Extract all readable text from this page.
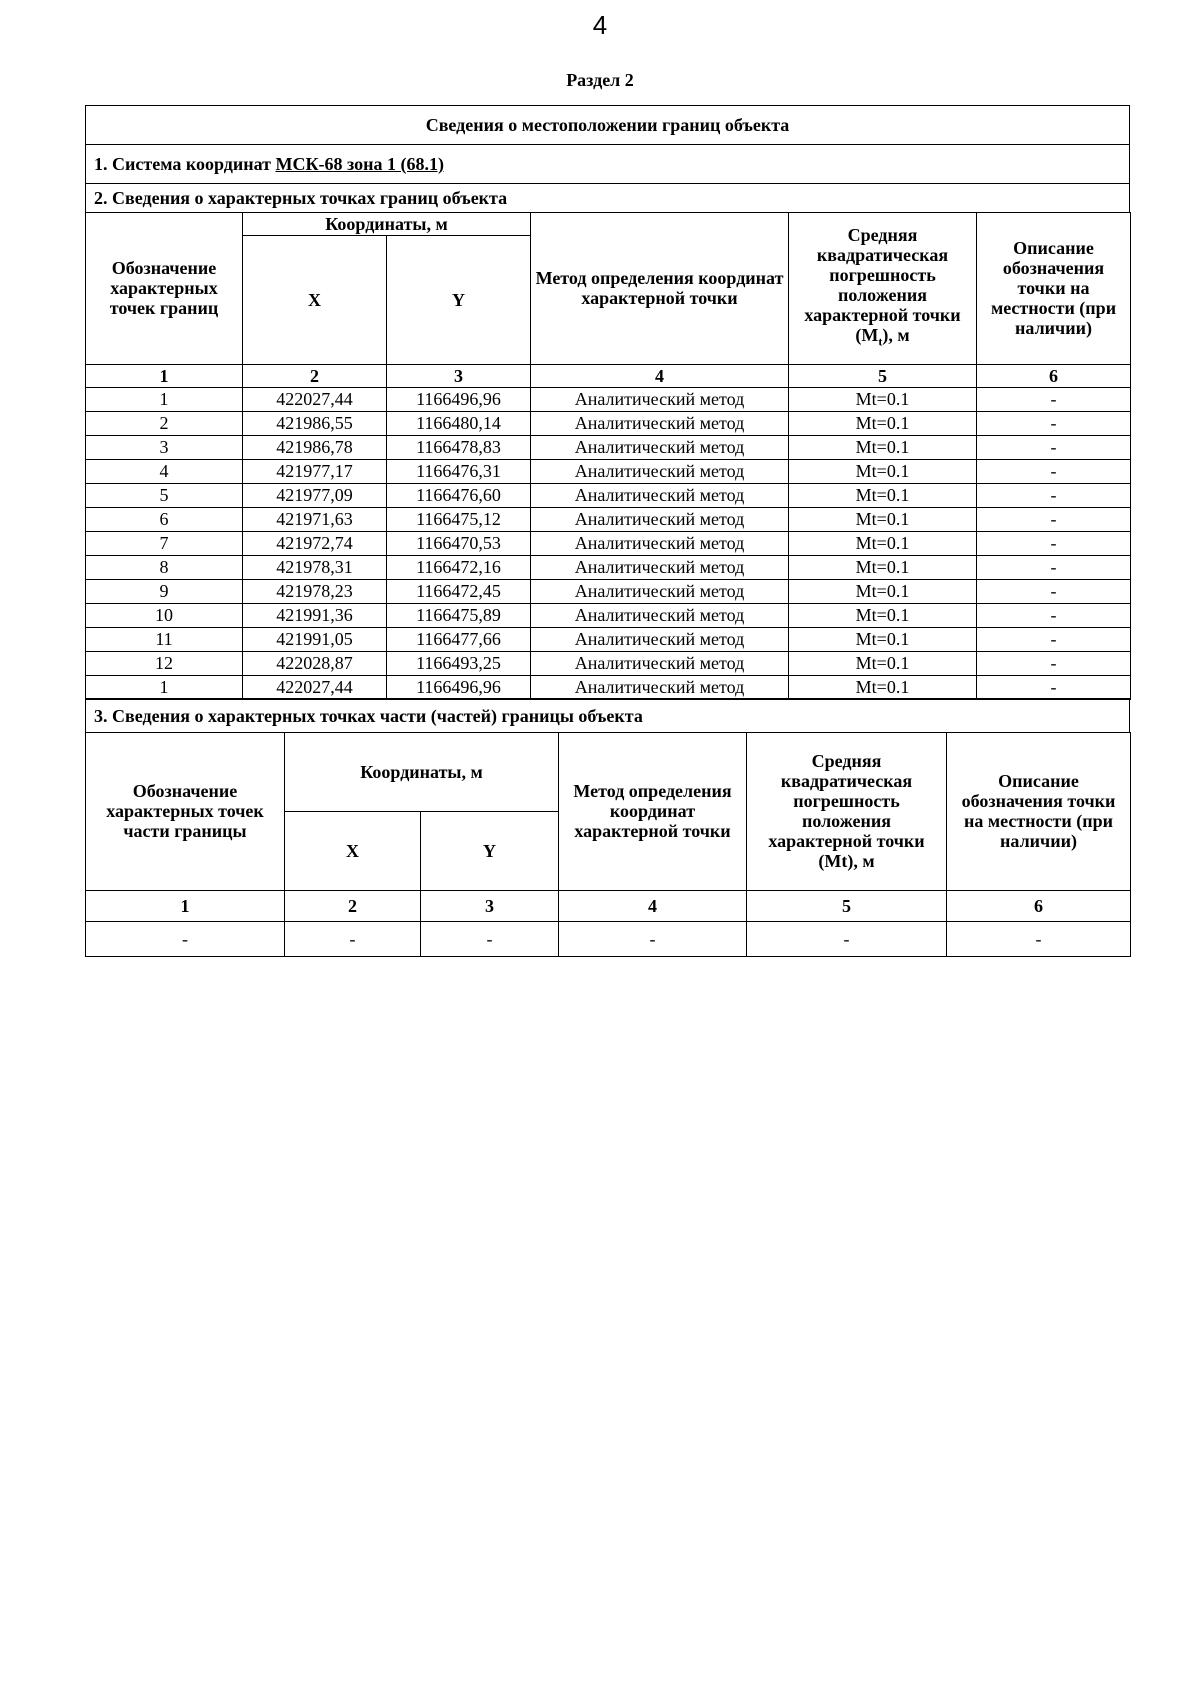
4
Раздел 2
Сведения о местоположении границ объекта
1. Система координат МСК-68 зона 1 (68.1)
2. Сведения о характерных точках границ объекта
Обозначение характерных точек границ	Координаты, м		Метод определения координат характерной точки	Средняя квадратическая погрешность положения характерной точки $(M_t)$, м	Описание обозначения точки на местности (при наличии)
	X	Y			
1	2	3	4	5	6
1	422027,44	1166496,96	Аналитический метод	Mt=0.1	-
2	421986,55	1166480,14	Аналитический метод	Mt=0.1	-
3	421986,78	1166478,83	Аналитический метод	Mt=0.1	-
4	421977,17	1166476,31	Аналитический метод	Mt=0.1	-
5	421977,09	1166476,60	Аналитический метод	Mt=0.1	-
6	421971,63	1166475,12	Аналитический метод	Mt=0.1	-
7	421972,74	1166470,53	Аналитический метод	Mt=0.1	-
8	421978,31	1166472,16	Аналитический метод	Mt=0.1	-
9	421978,23	1166472,45	Аналитический метод	Mt=0.1	-
10	421991,36	1166475,89	Аналитический метод	Mt=0.1	-
11	421991,05	1166477,66	Аналитический метод	Mt=0.1	-
12	422028,87	1166493,25	Аналитический метод	Mt=0.1	-
1	422027,44	1166496,96	Аналитический метод	Mt=0.1	-
3. Сведения о характерных точках части (частей) границы объекта
Обозначение характерных точек части границы	Координаты, м		Метод определения координат характерной точки	Средняя квадратическая погрешность положения характерной точки (Mt), м	Описание обозначения точки на местности (при наличии)
	X	Y			
1	2	3	4	5	6
-	-	-	-	-	-
